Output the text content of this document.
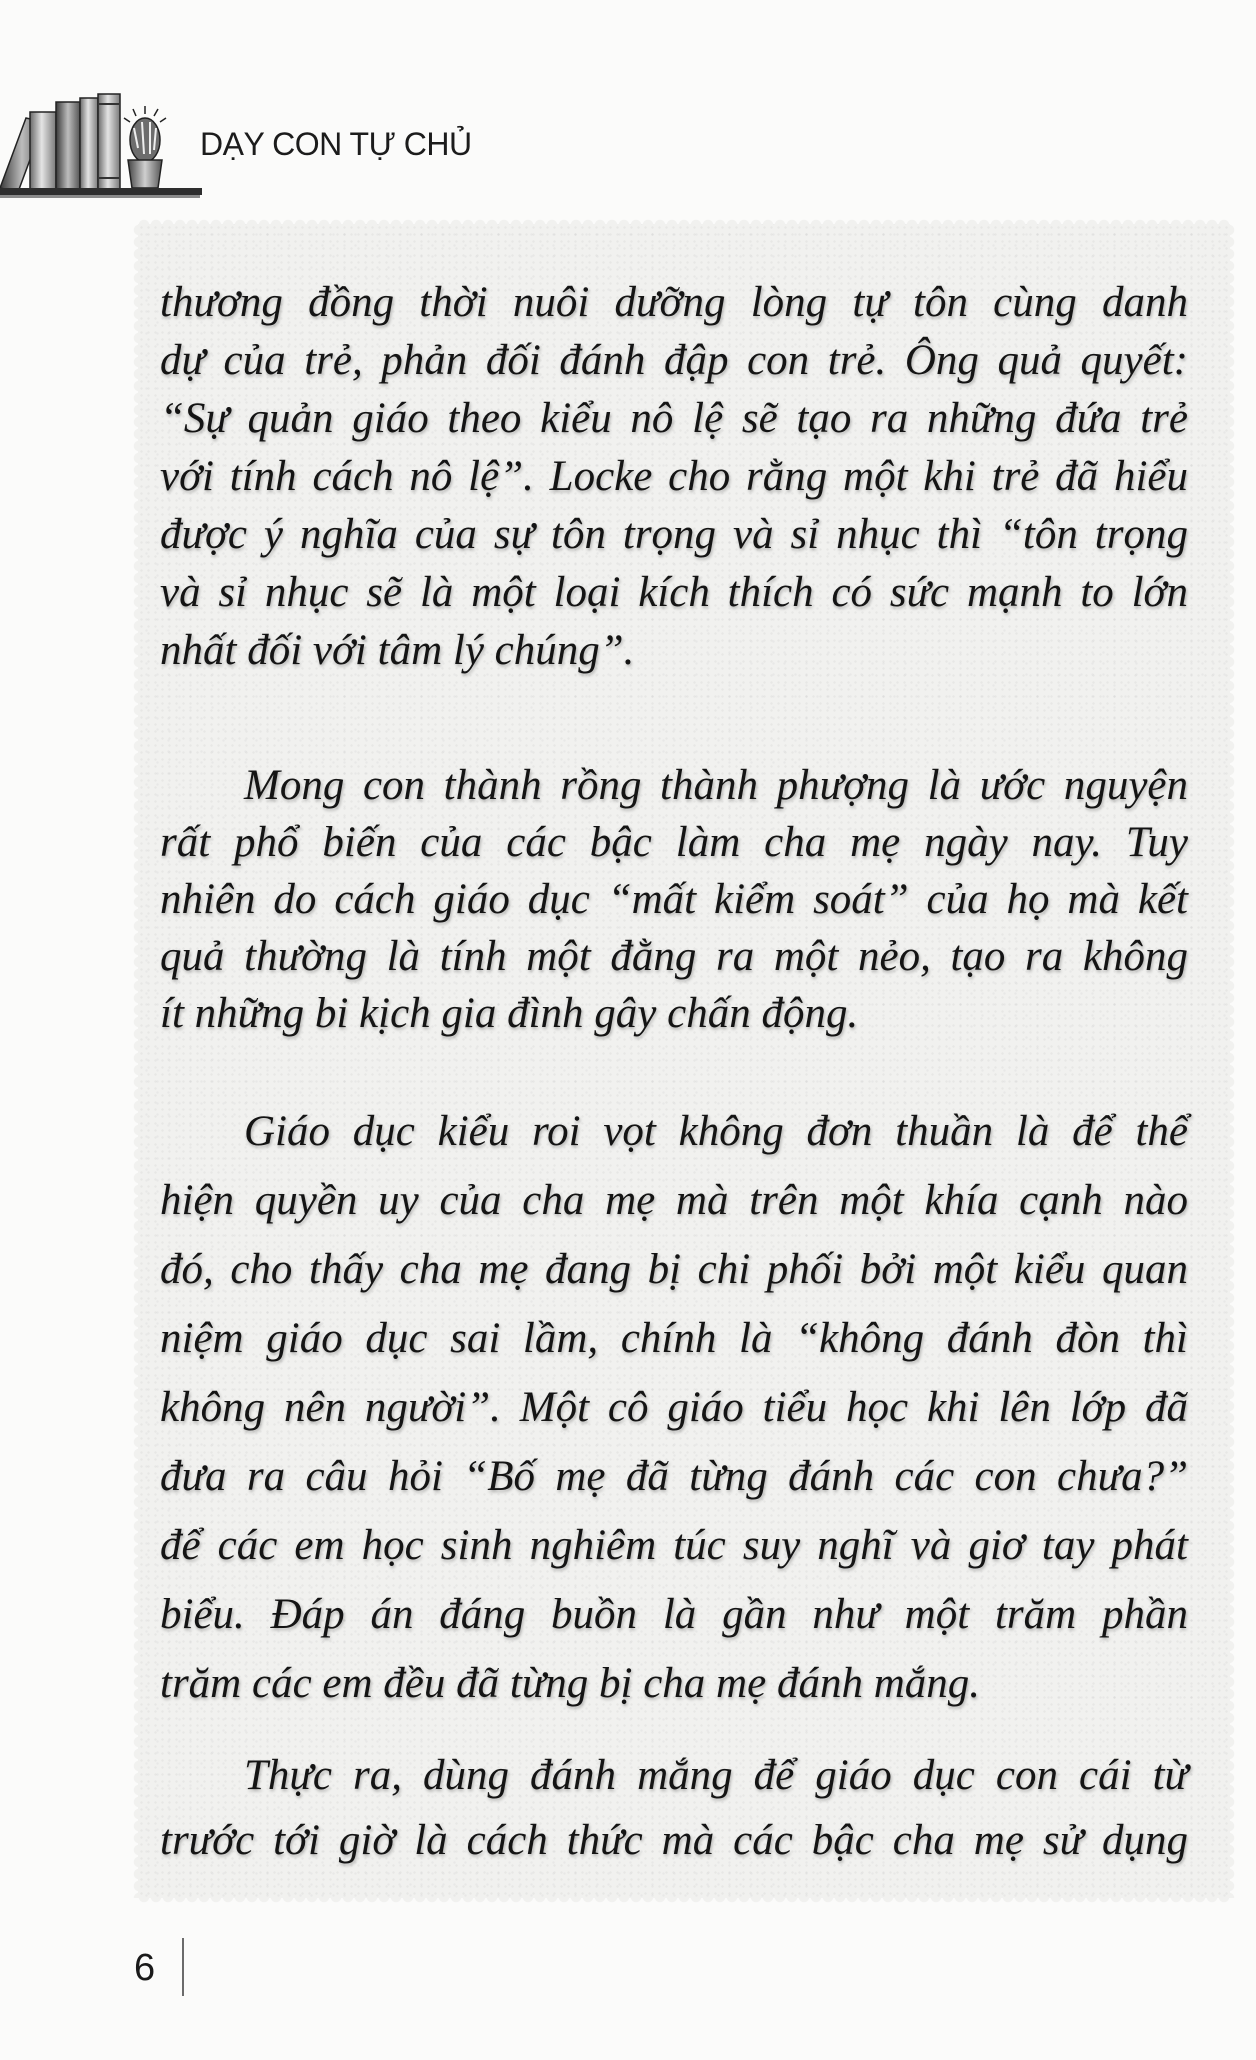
DẠY CON TỰ CHỦ
thương đồng thời nuôi dưỡng lòng tự tôn cùng danh
dự của trẻ, phản đối đánh đập con trẻ. Ông quả quyết:
“Sự quản giáo theo kiểu nô lệ sẽ tạo ra những đứa trẻ
với tính cách nô lệ”. Locke cho rằng một khi trẻ đã hiểu
được ý nghĩa của sự tôn trọng và sỉ nhục thì “tôn trọng
và sỉ nhục sẽ là một loại kích thích có sức mạnh to lớn
nhất đối với tâm lý chúng”.
Mong con thành rồng thành phượng là ước nguyện
rất phổ biến của các bậc làm cha mẹ ngày nay. Tuy
nhiên do cách giáo dục “mất kiểm soát” của họ mà kết
quả thường là tính một đằng ra một nẻo, tạo ra không
ít những bi kịch gia đình gây chấn động.
Giáo dục kiểu roi vọt không đơn thuần là để thể
hiện quyền uy của cha mẹ mà trên một khía cạnh nào
đó, cho thấy cha mẹ đang bị chi phối bởi một kiểu quan
niệm giáo dục sai lầm, chính là “không đánh đòn thì
không nên người”. Một cô giáo tiểu học khi lên lớp đã
đưa ra câu hỏi “Bố mẹ đã từng đánh các con chưa?”
để các em học sinh nghiêm túc suy nghĩ và giơ tay phát
biểu. Đáp án đáng buồn là gần như một trăm phần
trăm các em đều đã từng bị cha mẹ đánh mắng.
Thực ra, dùng đánh mắng để giáo dục con cái từ
trước tới giờ là cách thức mà các bậc cha mẹ sử dụng
6
